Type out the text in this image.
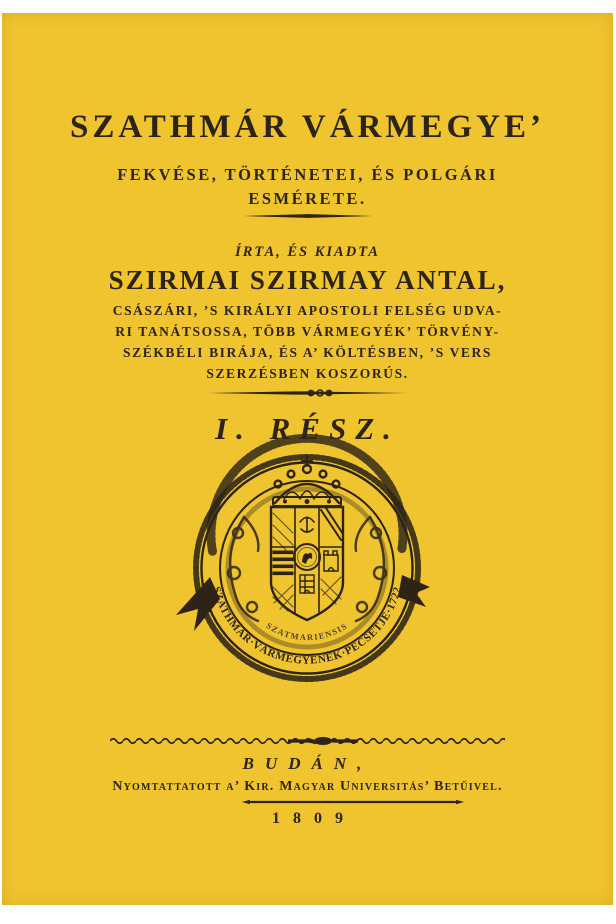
SZATHMÁR VÁRMEGYE’
FEKVÉSE, TÖRTÉNETEI, ÉS POLGÁRI
ESMÉRETE.
ÍRTA, ÉS KIADTA
SZIRMAI SZIRMAY ANTAL,
CSÁSZÁRI, ’S KIRÁLYI APOSTOLI FELSÉG UDVA-
RI TANÁTSOSSA, TÖBB VÁRMEGYÉK’ TÖRVÉNY-
SZÉKBÉLI BIRÁJA, ÉS A’ KÖLTÉSBEN, ’S VERS
SZERZÉSBEN KOSZORÚS.
I. RÉSZ.
SZATHMÁR·VÁRMEGYÉNEK·PECSÉTJE·1722
SZATMARIENSIS
BUDÁN,
Nyomtattatott a’ Kir. Magyar Universitás’ Betűivel.
1809
